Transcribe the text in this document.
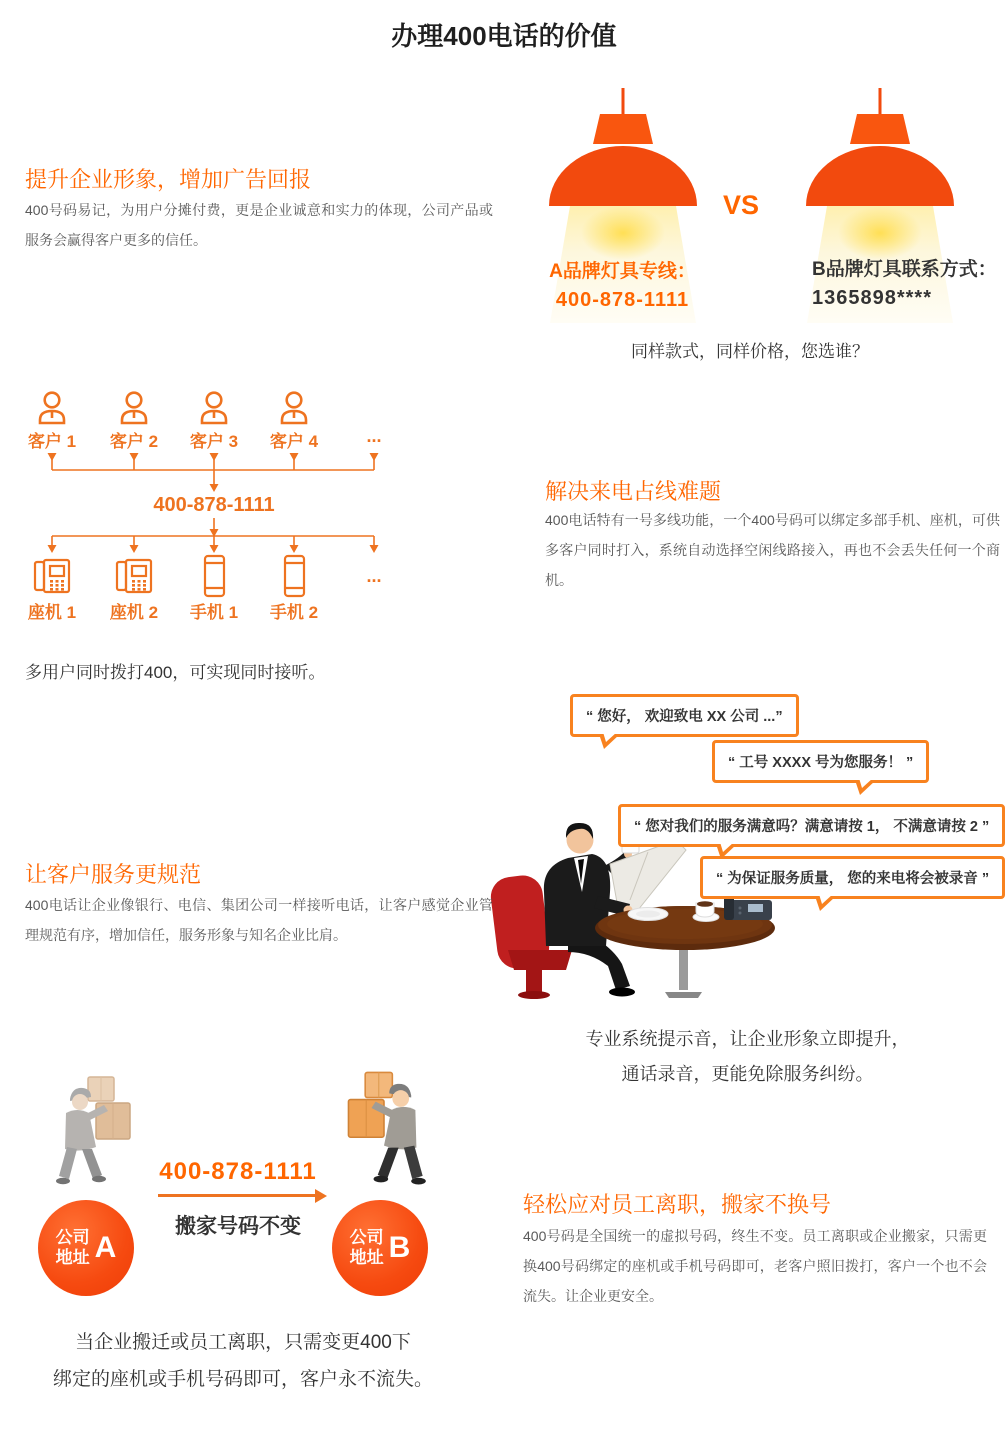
办理400电话的价值
提升企业形象，增加广告回报

400号码易记，为用户分摊付费，更是企业诚意和实力的体现，公司产品或服务会赢得客户更多的信任。

VS
A品牌灯具专线：
400-878-1111
B品牌灯具联系方式：
1365898****

同样款式，同样价格，您选谁？

客户 1 客户 2 客户 3 客户 4	...
400-878-1111
...
座机 1 座机 2 手机 1 手机 2

多用户同时拨打400，可实现同时接听。

解决来电占线难题

400电话特有一号多线功能，一个400号码可以绑定多部手机、座机，可供多客户同时打入，系统自动选择空闲线路接入，再也不会丢失任何一个商机。

“ 您好， 欢迎致电 XX 公司 ...”
“ 工号 XXXX 号为您服务！ ”
“ 您对我们的服务满意吗？满意请按 1， 不满意请按 2 ”
“ 为保证服务质量， 您的来电将会被录音 ”
让客户服务更规范

400电话让企业像银行、电信、集团公司一样接听电话，让客户感觉企业管理规范有序，增加信任，服务形象与知名企业比肩。

专业系统提示音，让企业形象立即提升，
通话录音，更能免除服务纠纷。
400-878-1111
搬家号码不变
公司
地址 A	公司
地址 B
轻松应对员工离职，搬家不换号

400号码是全国统一的虚拟号码，终生不变。员工离职或企业搬家，只需更换400号码绑定的座机或手机号码即可，老客户照旧拨打，客户一个也不会流失。让企业更安全。

当企业搬迁或员工离职，只需变更400下
绑定的座机或手机号码即可，客户永不流失。
